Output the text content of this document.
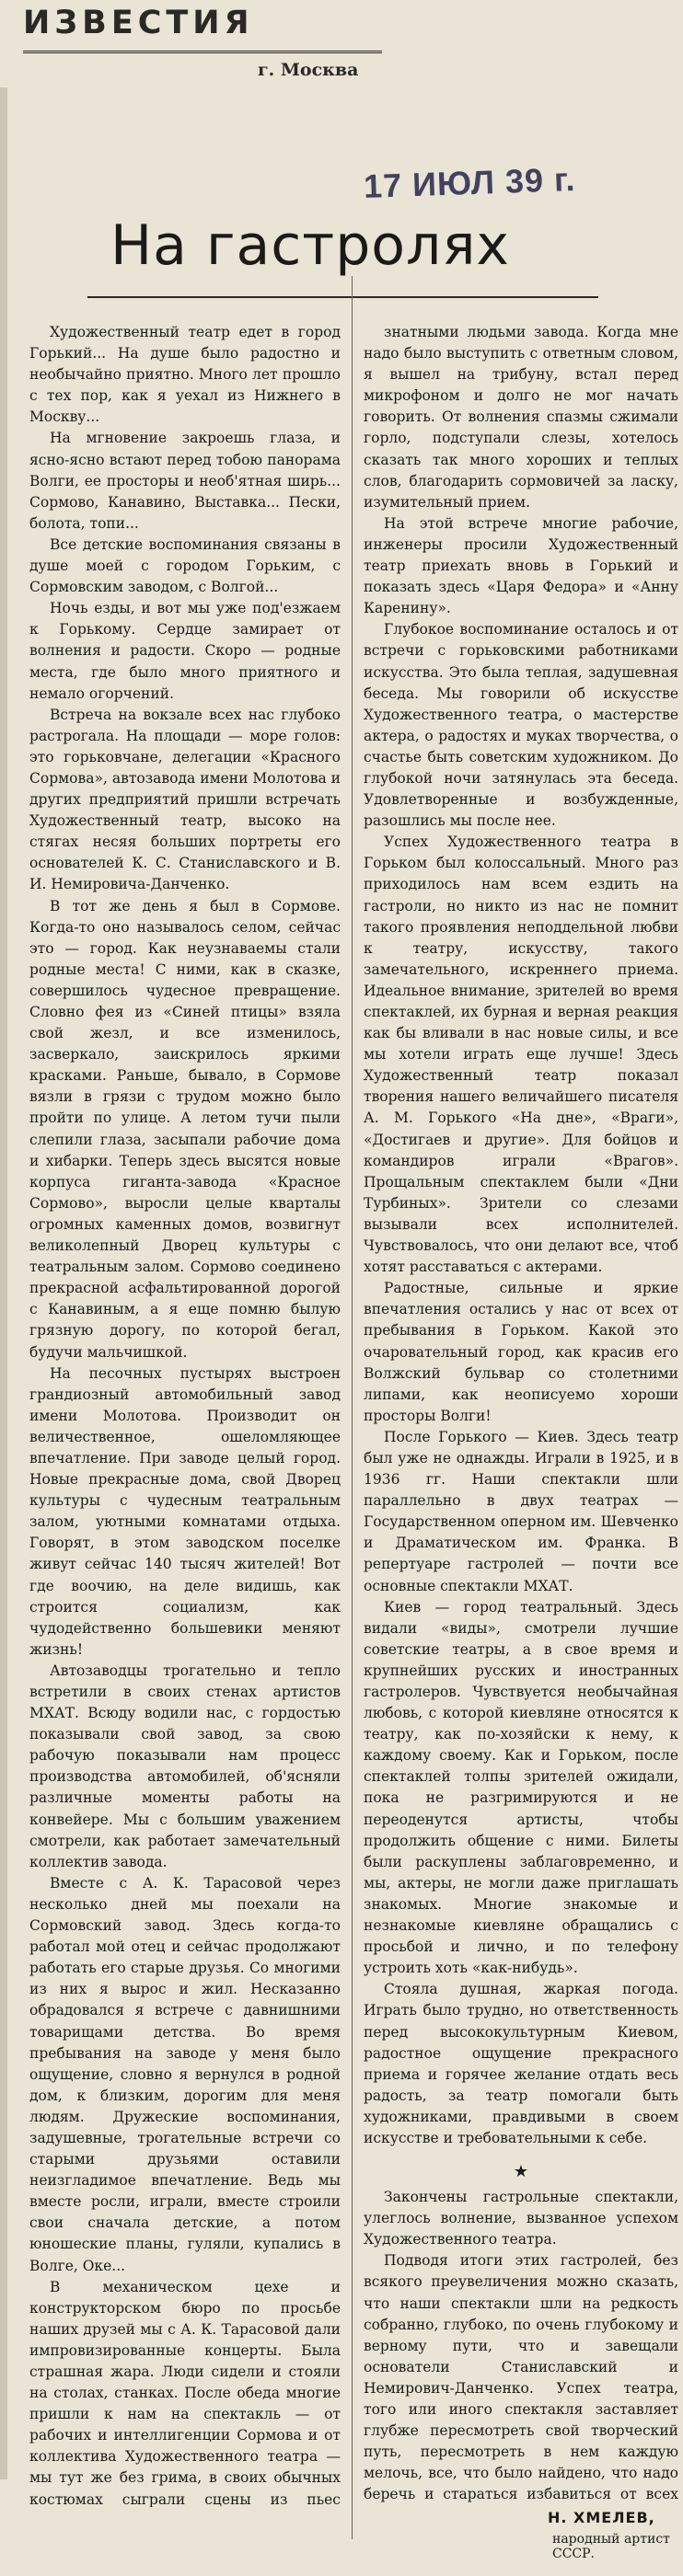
ИЗВЕСТИЯ

г. Москва

17 ИЮЛ 39 г.

На гастролях

Художественный театр едет в город Горький... На душе было радостно и необычайно приятно. Много лет прошло с тех пор, как я уехал из Нижнего в Москву...

На мгновение закроешь глаза, и ясно-ясно встают перед тобою панорама Волги, ее просторы и необ'ятная ширь... Сормово, Канавино, Выставка... Пески, болота, топи...

Все детские воспоминания связаны в душе моей с городом Горьким, с Сормовским заводом, с Волгой...

Ночь езды, и вот мы уже под'езжаем к Горькому. Сердце замирает от волнения и радости. Скоро — родные места, где было много приятного и немало огорчений.

Встреча на вокзале всех нас глубоко растрогала. На площади — море голов: это горьковчане, делегации «Красного Сормова», автозавода имени Молотова и других предприятий пришли встречать Художественный театр, высоко на стягах несяя больших портреты его основателей К. С. Станиславского и В. И. Немировича-Данченко.

В тот же день я был в Сормове. Когда-то оно называлось селом, сейчас это — город. Как неузнаваемы стали родные места! С ними, как в сказке, совершилось чудесное превращение. Словно фея из «Синей птицы» взяла свой жезл, и все изменилось, засверкало, заискрилось яркими красками. Раньше, бывало, в Сормове вязли в грязи с трудом можно было пройти по улице. А летом тучи пыли слепили глаза, засыпали рабочие дома и хибарки. Теперь здесь высятся новые корпуса гиганта-завода «Красное Сормово», выросли целые кварталы огромных каменных домов, возвигнут великолепный Дворец культуры с театральным залом. Сормово соединено прекрасной асфальтированной дорогой с Канавиным, а я еще помню былую грязную дорогу, по которой бегал, будучи мальчишкой.

На песочных пустырях выстроен грандиозный автомобильный завод имени Молотова. Производит он величественное, ошеломляющее впечатление. При заводе целый город. Новые прекрасные дома, свой Дворец культуры с чудесным театральным залом, уютными комнатами отдыха. Говорят, в этом заводском поселке живут сейчас 140 тысяч жителей! Вот где воочию, на деле видишь, как строится социализм, как чудодейственно большевики меняют жизнь!

Автозаводцы трогательно и тепло встретили в своих стенах артистов МХАТ. Всюду водили нас, с гордостью показывали свой завод, за свою рабочую показывали нам процесс производства автомобилей, об'ясняли различные моменты работы на конвейере. Мы с большим уважением смотрели, как работает замечательный коллектив завода.

Вместе с А. К. Тарасовой через несколько дней мы поехали на Сормовский завод. Здесь когда-то работал мой отец и сейчас продолжают работать его старые друзья. Со многими из них я вырос и жил. Несказанно обрадовался я встрече с давнишними товарищами детства. Во время пребывания на заводе у меня было ощущение, словно я вернулся в родной дом, к близким, дорогим для меня людям. Дружеские воспоминания, задушевные, трогательные встречи со старыми друзьями оставили неизгладимое впечатление. Ведь мы вместе росли, играли, вместе строили свои сначала детские, а потом юношеские планы, гуляли, купались в Волге, Оке...

В механическом цехе и конструкторском бюро по просьбе наших друзей мы с А. К. Тарасовой дали импровизированные концерты. Была страшная жара. Люди сидели и стояли на столах, станках. После обеда многие пришли к нам на спектакль — от рабочих и интеллигенции Сормова и от коллектива Художественного театра — мы тут же без грима, в своих обычных костюмах сыграли сцены из пьес

знатными людьми завода. Когда мне надо было выступить с ответным словом, я вышел на трибуну, встал перед микрофоном и долго не мог начать говорить. От волнения спазмы сжимали горло, подступали слезы, хотелось сказать так много хороших и теплых слов, благодарить сормовичей за ласку, изумительный прием.

На этой встрече многие рабочие, инженеры просили Художественный театр приехать вновь в Горький и показать здесь «Царя Федора» и «Анну Каренину».

Глубокое воспоминание осталось и от встречи с горьковскими работниками искусства. Это была теплая, задушевная беседа. Мы говорили об искусстве Художественного театра, о мастерстве актера, о радостях и муках творчества, о счастье быть советским художником. До глубокой ночи затянулась эта беседа. Удовлетворенные и возбужденные, разошлись мы после нее.

Успех Художественного театра в Горьком был колоссальный. Много раз приходилось нам всем ездить на гастроли, но никто из нас не помнит такого проявления неподдельной любви к театру, искусству, такого замечательного, искреннего приема. Идеальное внимание, зрителей во время спектаклей, их бурная и верная реакция как бы вливали в нас новые силы, и все мы хотели играть еще лучше! Здесь Художественный театр показал творения нашего величайшего писателя А. М. Горького «На дне», «Враги», «Достигаев и другие». Для бойцов и командиров играли «Врагов». Прощальным спектаклем были «Дни Турбиных». Зрители со слезами вызывали всех исполнителей. Чувствовалось, что они делают все, чтоб хотят расставаться с актерами.

Радостные, сильные и яркие впечатления остались у нас от всех от пребывания в Горьком. Какой это очаровательный город, как красив его Волжский бульвар со столетними липами, как неописуемо хороши просторы Волги!

После Горького — Киев. Здесь театр был уже не однажды. Играли в 1925, и в 1936 гг. Наши спектакли шли параллельно в двух театрах — Государственном оперном им. Шевченко и Драматическом им. Франка. В репертуаре гастролей — почти все основные спектакли МХАТ.

Киев — город театральный. Здесь видали «виды», смотрели лучшие советские театры, а в свое время и крупнейших русских и иностранных гастролеров. Чувствуется необычайная любовь, с которой киевляне относятся к театру, как по-хозяйски к нему, к каждому своему. Как и Горьком, после спектаклей толпы зрителей ожидали, пока не разгримируются и не переоденутся артисты, чтобы продолжить общение с ними. Билеты были раскуплены заблаговременно, и мы, актеры, не могли даже приглашать знакомых. Многие знакомые и незнакомые киевляне обращались с просьбой и лично, и по телефону устроить хоть «как-нибудь».

Стояла душная, жаркая погода. Играть было трудно, но ответственность перед высококультурным Киевом, радостное ощущение прекрасного приема и горячее желание отдать весь радость, за театр помогали быть художниками, правдивыми в своем искусстве и требовательными к себе.

★

Закончены гастрольные спектакли, улеглось волнение, вызванное успехом Художественного театра.

Подводя итоги этих гастролей, без всякого преувеличения можно сказать, что наши спектакли шли на редкость собранно, глубоко, по очень глубокому и верному пути, что и завещали основатели Станиславский и Немирович-Данченко. Успех театра, того или иного спектакля заставляет глубже пересмотреть свой творческий путь, пересмотреть в нем каждую мелочь, все, что было найдено, что надо беречь и стараться избавиться от всех

Н. ХМЕЛЕВ,

народный артист СССР.
